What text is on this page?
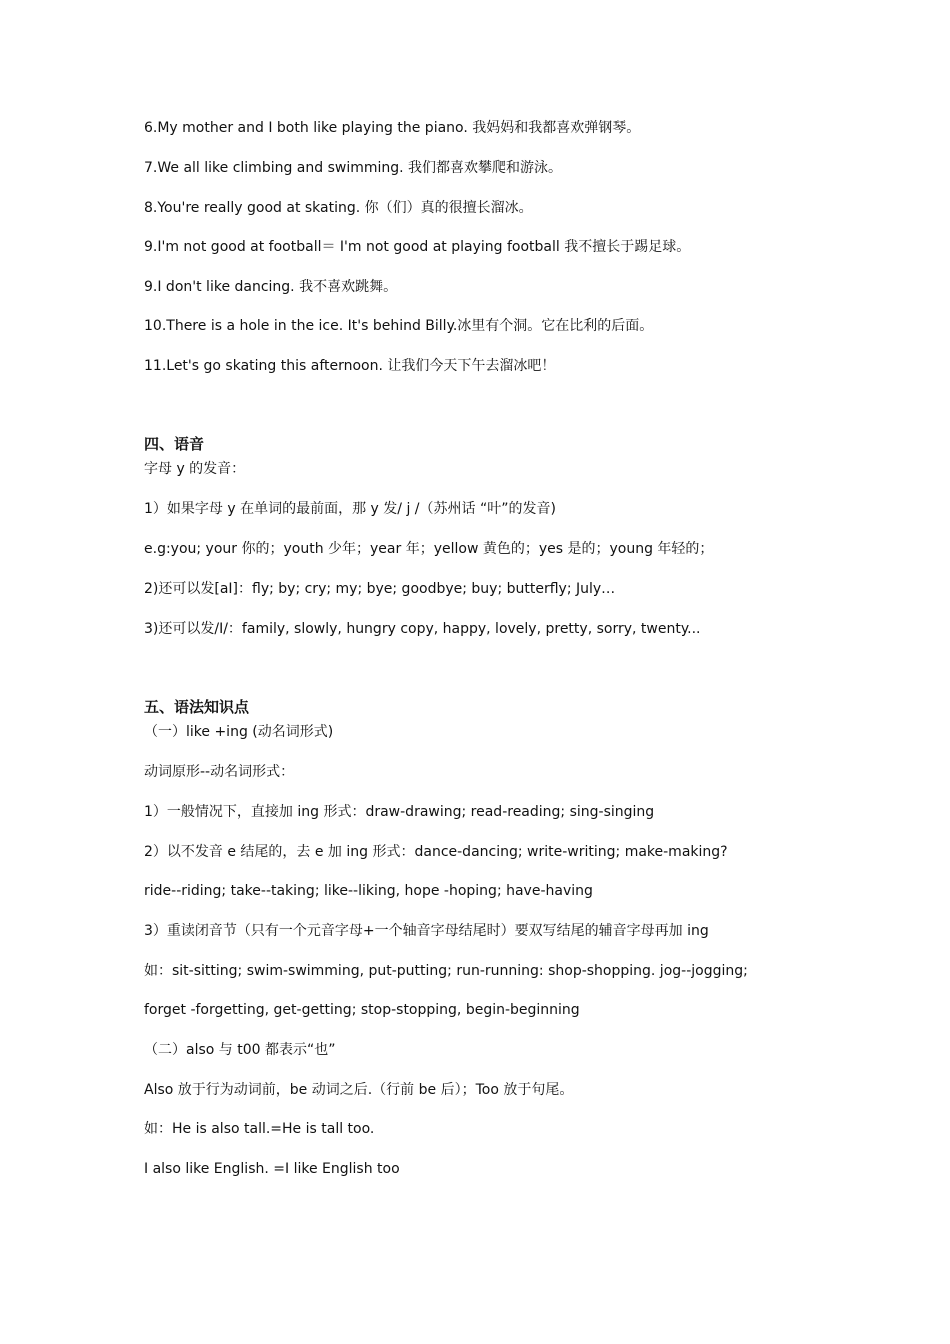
6.My mother and I both like playing the piano. 我妈妈和我都喜欢弹钢琴。
7.We all like climbing and swimming. 我们都喜欢攀爬和游泳。
8.You're really good at skating. 你（们）真的很擅长溜冰。
9.I'm not good at football＝ I'm not good at playing football 我不擅长于踢足球。
9.I don't like dancing. 我不喜欢跳舞。
10.There is a hole in the ice. It's behind Billy.冰里有个洞。它在比利的后面。
11.Let's go skating this afternoon. 让我们今天下午去溜冰吧！
四、语音
字母 y 的发音：
1）如果字母 y 在单词的最前面，那 y 发/ j /（苏州话 “叶”的发音)
e.g:you; your 你的；youth 少年；year 年；yellow 黄色的；yes 是的；young 年轻的；
2)还可以发[aI]：fly; by; cry; my; bye; goodbye; buy; butterfly; July…
3)还可以发/I/：family, slowly, hungry copy, happy, lovely, pretty, sorry, twenty...
五、语法知识点
（一）like +ing (动名词形式)
动词原形--动名词形式：
1）一般情况下，直接加 ing 形式：draw-drawing; read-reading; sing-singing
2）以不发音 e 结尾的，去 e 加 ing 形式：dance-dancing; write-writing; make-making?
ride--riding; take--taking; like--liking, hope -hoping; have-having
3）重读闭音节（只有一个元音字母+一个轴音字母结尾时）要双写结尾的辅音字母再加 ing
如：sit-sitting; swim-swimming, put-putting; run-running: shop-shopping. jog--jogging;
forget -forgetting, get-getting; stop-stopping, begin-beginning
（二）also 与 t00 都表示“也”
Also 放于行为动词前，be 动词之后.（行前 be 后）；Too 放于句尾。
如：He is also tall.=He is tall too.
I also like English. =I like English too
